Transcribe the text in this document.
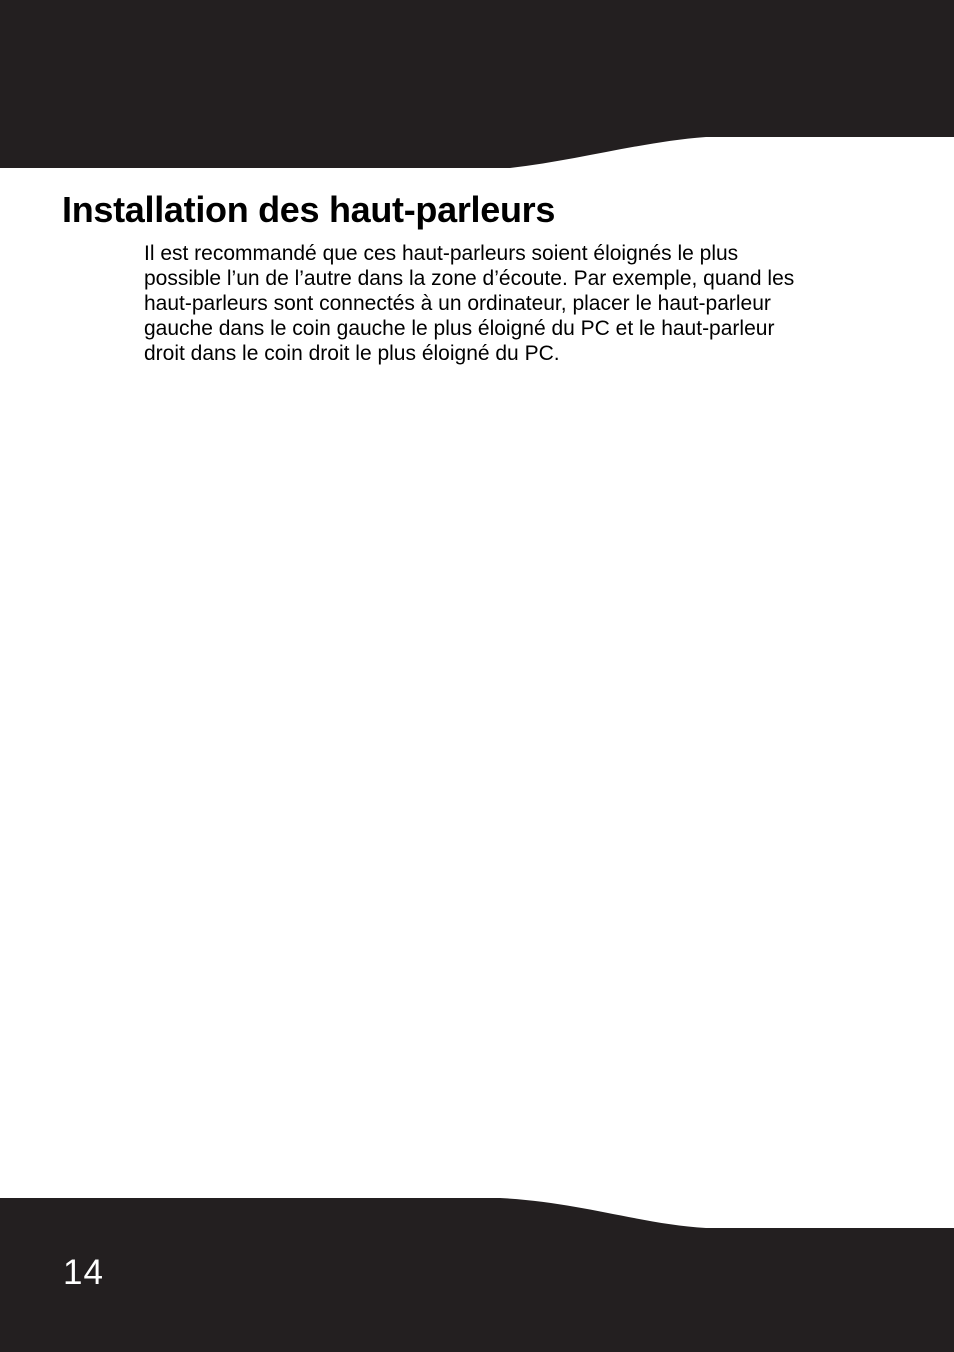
Installation des haut-parleurs

Il est recommandé que ces haut-parleurs soient éloignés le plus
possible l’un de l’autre dans la zone d’écoute. Par exemple, quand les
haut-parleurs sont connectés à un ordinateur, placer le haut-parleur
gauche dans le coin gauche le plus éloigné du PC et le haut-parleur
droit dans le coin droit le plus éloigné du PC.

14
